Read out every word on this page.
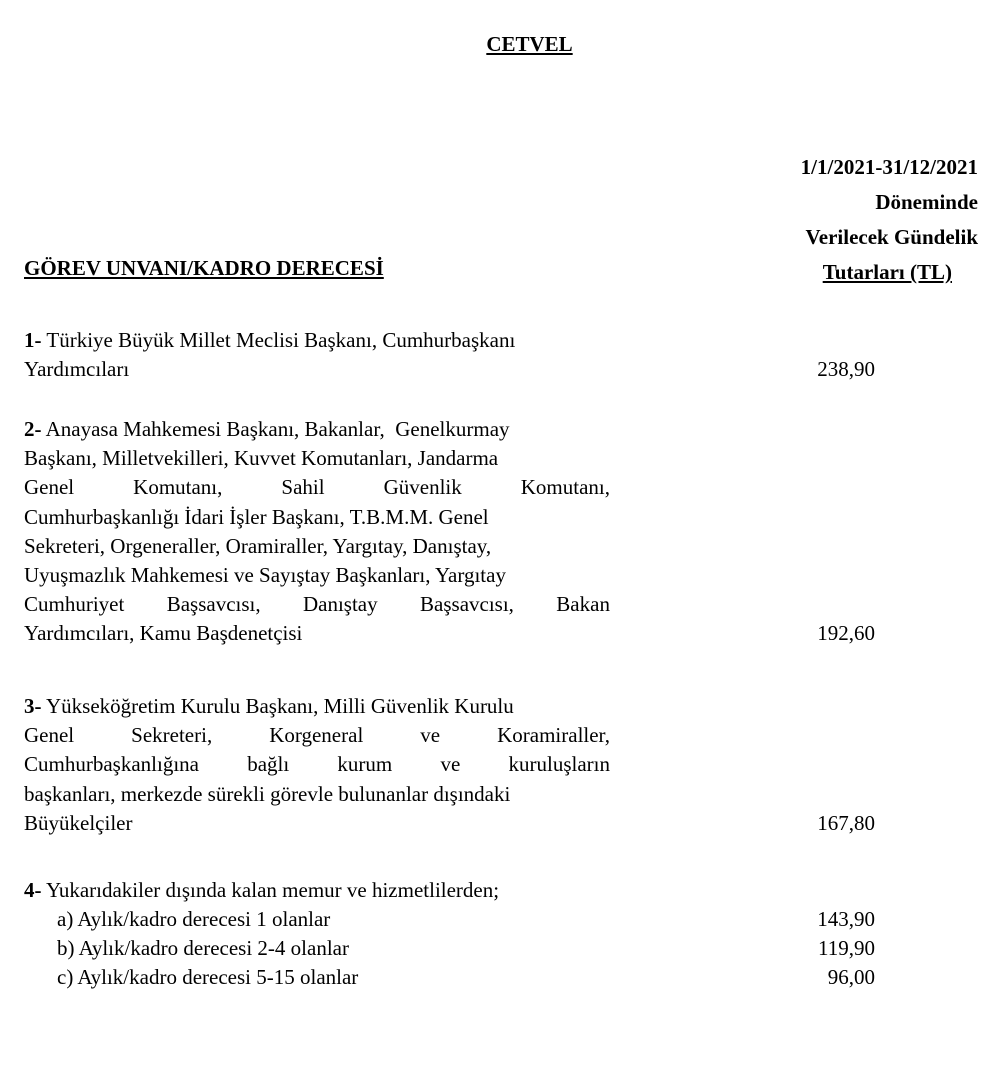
CETVEL
1/1/2021-31/12/2021
Döneminde
Verilecek Gündelik
Tutarları (TL)
GÖREV UNVANI/KADRO DERECESİ
1- Türkiye Büyük Millet Meclisi Başkanı, Cumhurbaşkanı
Yardımcıları	238,90
2- Anayasa Mahkemesi Başkanı, Bakanlar,  Genelkurmay
Başkanı, Milletvekilleri, Kuvvet Komutanları, Jandarma
Genel	Komutanı,	Sahil	Güvenlik	Komutanı,
Cumhurbaşkanlığı İdari İşler Başkanı, T.B.M.M. Genel
Sekreteri, Orgeneraller, Oramiraller, Yargıtay, Danıştay,
Uyuşmazlık Mahkemesi ve Sayıştay Başkanları, Yargıtay
Cumhuriyet Başsavcısı, Danıştay Başsavcısı, Bakan
Yardımcıları, Kamu Başdenetçisi	192,60
3- Yükseköğretim Kurulu Başkanı, Milli Güvenlik Kurulu
Genel	Sekreteri,	Korgeneral	ve	Koramiraller,
Cumhurbaşkanlığına bağlı kurum ve kuruluşların
başkanları, merkezde sürekli görevle bulunanlar dışındaki
Büyükelçiler	167,80
4- Yukarıdakiler dışında kalan memur ve hizmetlilerden;
a) Aylık/kadro derecesi 1 olanlar	143,90
b) Aylık/kadro derecesi 2-4 olanlar	119,90
c) Aylık/kadro derecesi 5-15 olanlar	96,00
